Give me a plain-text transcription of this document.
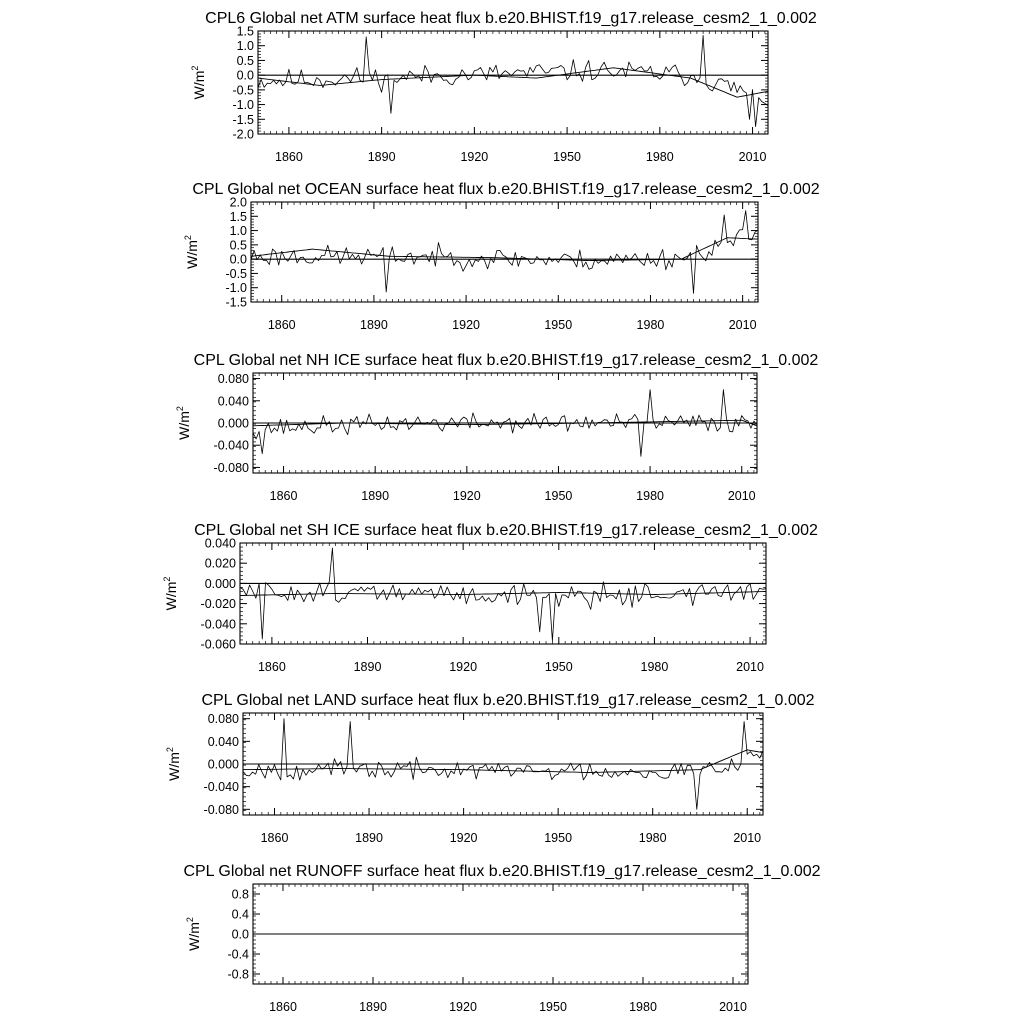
CPL6 Global net ATM surface heat flux b.e20.BHIST.f19_g17.release_cesm2_1_0.002
1860	1890	1920	1950	1980	2010
1.5
1.0
0.5
0.0
-0.5
-1.0
-1.5
-2.0
$W/m^2$
CPL Global net OCEAN surface heat flux b.e20.BHIST.f19_g17.release_cesm2_1_0.002
1860	1890	1920	1950	1980	2010
2.0
1.5
1.0
0.5
0.0
-0.5
-1.0
-1.5
$W/m^2$
CPL Global net NH ICE surface heat flux b.e20.BHIST.f19_g17.release_cesm2_1_0.002
1860	1890	1920	1950	1980	2010
0.080
0.040
0.000
-0.040
-0.080
$W/m^2$
CPL Global net SH ICE surface heat flux b.e20.BHIST.f19_g17.release_cesm2_1_0.002
1860	1890	1920	1950	1980	2010
0.040
0.020
0.000
-0.020
-0.040
-0.060
$W/m^2$
CPL Global net LAND surface heat flux b.e20.BHIST.f19_g17.release_cesm2_1_0.002
1860	1890	1920	1950	1980	2010
0.080
0.040
0.000
-0.040
-0.080
$W/m^2$
CPL Global net RUNOFF surface heat flux b.e20.BHIST.f19_g17.release_cesm2_1_0.002
1860	1890	1920	1950	1980	2010
0.8
0.4
0.0
-0.4
-0.8
$W/m^2$
